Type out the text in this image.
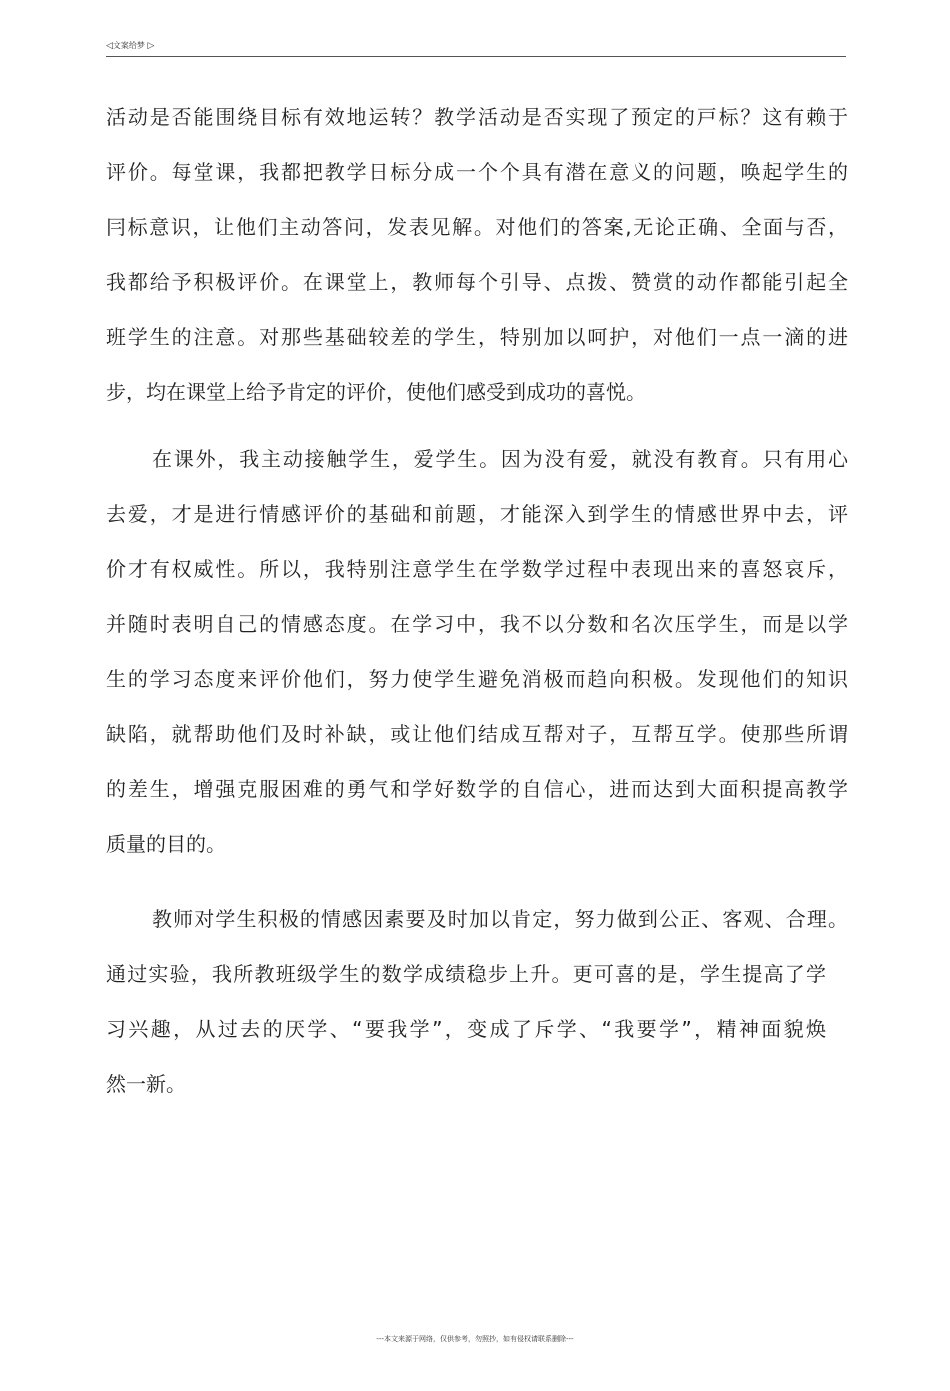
◁文案给梦 ▷
活动是否能围绕目标有效地运转？教学活动是否实现了预定的戸标？这有赖于
评价。每堂课，我都把教学日标分成一个个具有潜在意义的问题，唤起学生的
冃标意识，让他们主动答问，发表见解。对他们的答案,无论正确、全面与否，
我都给予积极评价。在课堂上，教师每个引导、点拨、赞赏的动作都能引起全
班学生的注意。对那些基础较差的学生，特别加以呵护，对他们一点一滴的进
步，均在课堂上给予肯定的评价，使他们感受到成功的喜悦。
在课外，我主动接触学生，爱学生。因为没有爱，就没有教育。只有用心
去爱，才是进行情感评价的基础和前题，才能深入到学生的情感世界中去，评
价才有权威性。所以，我特别注意学生在学数学过程中表现出来的喜怒哀斥，
并随时表明自己的情感态度。在学习中，我不以分数和名次压学生，而是以学
生的学习态度来评价他们，努力使学生避免消极而趋向积极。发现他们的知识
缺陷，就帮助他们及时补缺，或让他们结成互帮对子，互帮互学。使那些所谓
的差生，增强克服困难的勇气和学好数学的自信心，进而达到大面积提高教学
质量的目的。
教师对学生积极的情感因素要及时加以肯定，努力做到公正、客观、合理。
通过实验，我所教班级学生的数学成绩稳步上升。更可喜的是，学生提高了学
习兴趣，从过去的厌学、“要我学”，变成了斥学、“我要学”，精神面貌焕
然一新。
---本文来源于网络，仅供参考，勿照抄，如有侵权请联系删除---
